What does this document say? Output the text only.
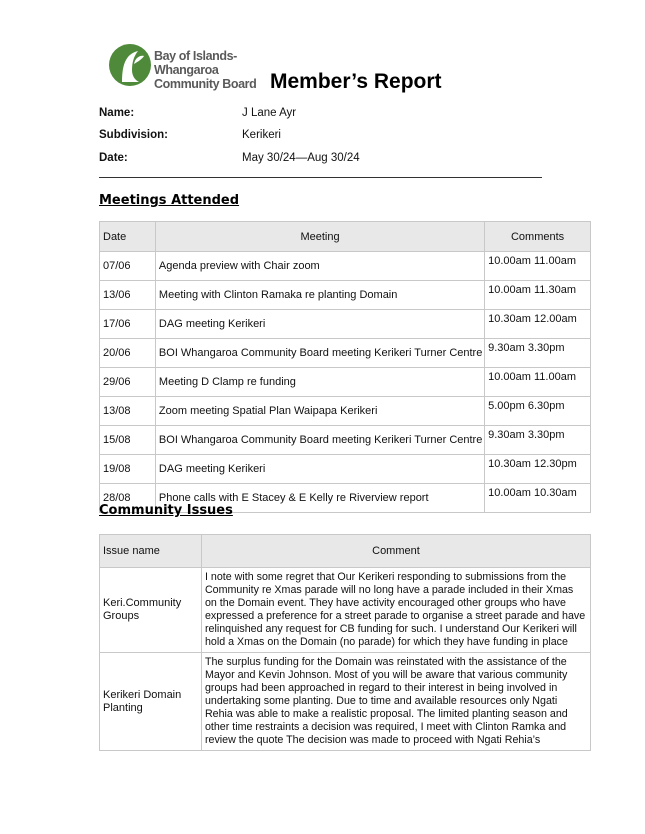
Bay of Islands-Whangaroa
Community Board Member’s Report
Name:	J Lane Ayr
Subdivision:	Kerikeri
Date:	May 30/24—Aug 30/24
Meetings Attended
Date	Meeting	Comments
07/06	Agenda preview with Chair zoom	10.00am 11.00am
13/06	Meeting with Clinton Ramaka re planting Domain	10.00am 11.30am
17/06	DAG meeting Kerikeri	10.30am 12.00am
20/06	BOI Whangaroa Community Board meeting Kerikeri Turner Centre	9.30am 3.30pm
29/06	Meeting D Clamp re funding	10.00am 11.00am
13/08	Zoom meeting Spatial Plan Waipapa Kerikeri	5.00pm 6.30pm
15/08	BOI Whangaroa Community Board meeting Kerikeri Turner Centre	9.30am 3.30pm
19/08	DAG meeting Kerikeri	10.30am 12.30pm
28/08	Phone calls with E Stacey & E Kelly re Riverview report	10.00am 10.30am
Community Issues
Issue name	Comment
Keri.Community Groups	I note with some regret that Our Kerikeri responding to submissions from the Community re Xmas parade will no long have a parade included in their Xmas on the Domain event. They have activity encouraged other groups who have expressed a preference for a street parade to organise a street parade and have relinquished any request for CB funding for such. I understand Our Kerikeri will hold a Xmas on the Domain (no parade) for which they have funding in place
Kerikeri Domain Planting	The surplus funding for the Domain was reinstated with the assistance of the Mayor and Kevin Johnson. Most of you will be aware that various community groups had been approached in regard to their interest in being involved in undertaking some planting. Due to time and available resources only Ngati Rehia was able to make a realistic proposal. The limited planting season and other time restraints a decision was required, I meet with Clinton Ramka and review the quote The decision was made to proceed with Ngati Rehia’s
